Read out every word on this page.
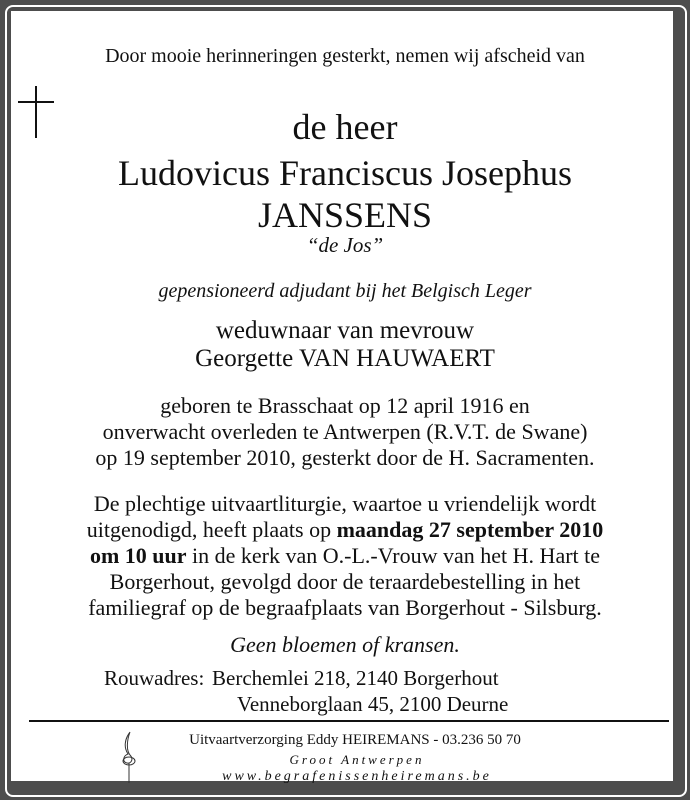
Door mooie herinneringen gesterkt, nemen wij afscheid van
de heer
Ludovicus Franciscus Josephus
JANSSENS
“de Jos”
gepensioneerd adjudant bij het Belgisch Leger
weduwnaar van mevrouw
Georgette VAN HAUWAERT
geboren te Brasschaat op 12 april 1916 en
onverwacht overleden te Antwerpen (R.V.T. de Swane)
op 19 september 2010, gesterkt door de H. Sacramenten.
De plechtige uitvaartliturgie, waartoe u vriendelijk wordt
uitgenodigd, heeft plaats op maandag 27 september 2010
om 10 uur in de kerk van O.-L.-Vrouw van het H. Hart te
Borgerhout, gevolgd door de teraardebestelling in het
familiegraf op de begraafplaats van Borgerhout - Silsburg.
Geen bloemen of kransen.
Rouwadres: Berchemlei 218, 2140 Borgerhout
Venneborglaan 45, 2100 Deurne
Uitvaartverzorging Eddy HEIREMANS - 03.236 50 70
Groot Antwerpen
www.begrafenissenheiremans.be
